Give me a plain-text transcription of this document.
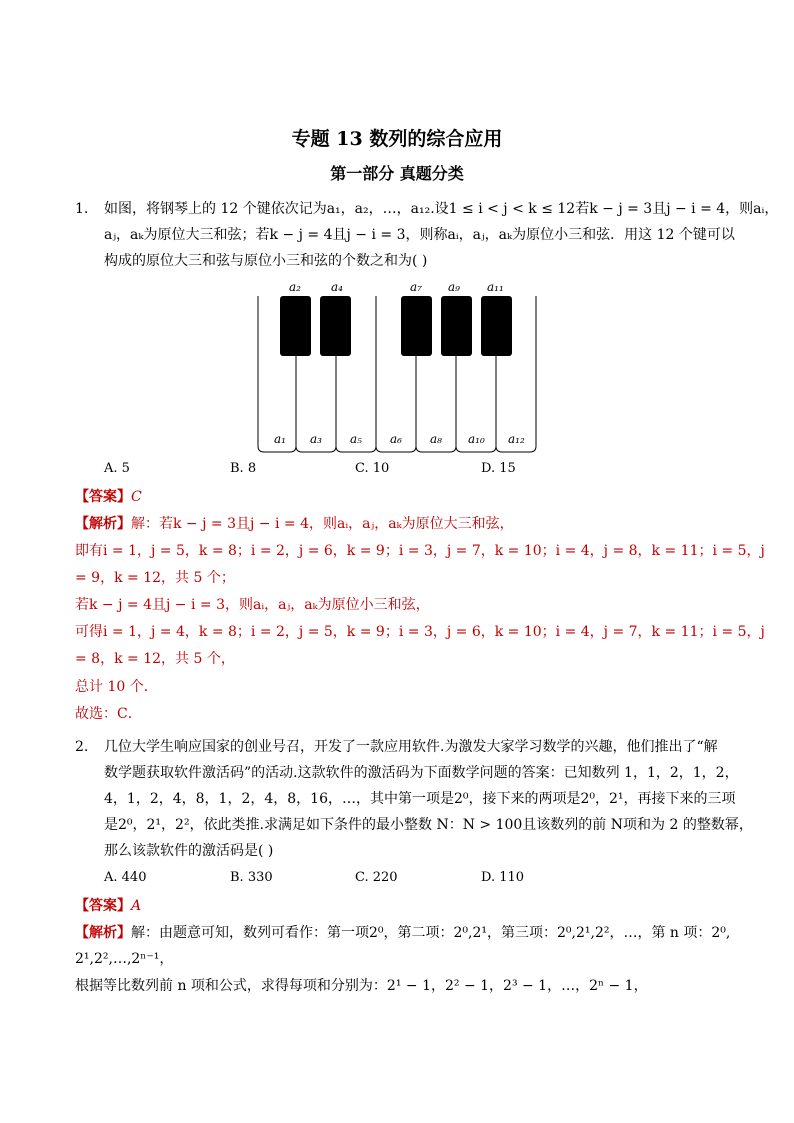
专题 13 数列的综合应用
第一部分 真题分类
1. 如图，将钢琴上的 12 个键依次记为a₁，a₂，…，a₁₂.设1 ≤ i < j < k ≤ 12若k − j = 3且j − i = 4，则aᵢ，
aⱼ，aₖ为原位大三和弦；若k − j = 4且j − i = 3，则称aᵢ，aⱼ，aₖ为原位小三和弦．用这 12 个键可以
构成的原位大三和弦与原位小三和弦的个数之和为( )
a₂	a₄	a₇ a₉ a₁₁
a₁ a₃ a₅ a₆ a₈ a₁₀ a₁₂
A. 5	B. 8	C. 10	D. 15
【答案】C
【解析】解：若k − j = 3且j − i = 4，则aᵢ，aⱼ，aₖ为原位大三和弦，
即有i = 1，j = 5，k = 8；i = 2，j = 6，k = 9；i = 3，j = 7，k = 10；i = 4，j = 8，k = 11；i = 5，j
= 9，k = 12，共 5 个；
若k − j = 4且j − i = 3，则aᵢ，aⱼ，aₖ为原位小三和弦，
可得i = 1，j = 4，k = 8；i = 2，j = 5，k = 9；i = 3，j = 6，k = 10；i = 4，j = 7，k = 11；i = 5，j
= 8，k = 12，共 5 个，
总计 10 个．
故选：C．
2. 几位大学生响应国家的创业号召，开发了一款应用软件.为激发大家学习数学的兴趣，他们推出了“解
数学题获取软件激活码”的活动.这款软件的激活码为下面数学问题的答案：已知数列 1，1，2，1，2，
4，1，2，4，8，1，2，4，8，16，…，其中第一项是2⁰，接下来的两项是2⁰，2¹，再接下来的三项
是2⁰，2¹，2²，依此类推.求满足如下条件的最小整数 N：N > 100且该数列的前 N项和为 2 的整数幂，
那么该款软件的激活码是( )
A. 440	B. 330	C. 220	D. 110
【答案】A
【解析】解：由题意可知，数列可看作：第一项2⁰，第二项：2⁰,2¹，第三项：2⁰,2¹,2²，…，第 n 项：2⁰,
2¹,2²,…,2ⁿ⁻¹，
根据等比数列前 n 项和公式，求得每项和分别为：2¹ − 1，2² − 1，2³ − 1，…，2ⁿ − 1，
